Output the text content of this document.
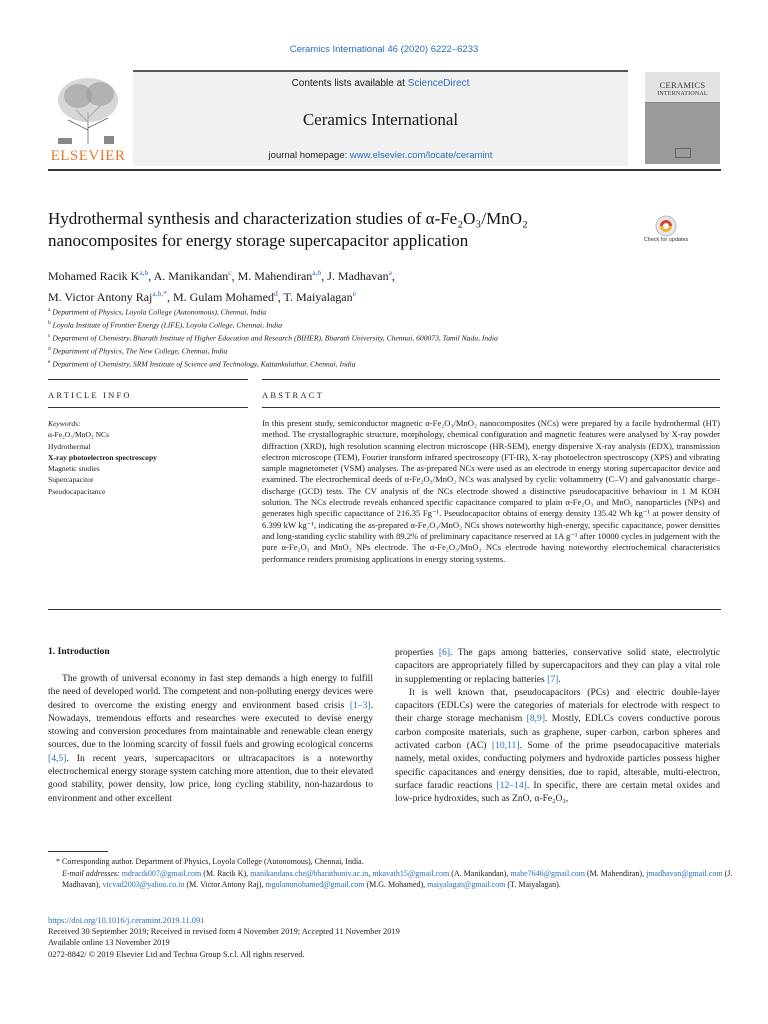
Ceramics International 46 (2020) 6222–6233
ELSEVIER
Contents lists available at ScienceDirect
Ceramics International
journal homepage: www.elsevier.com/locate/ceramint
CERAMICS
INTERNATIONAL
Hydrothermal synthesis and characterization studies of α-Fe₂O₃/MnO₂
nanocomposites for energy storage supercapacitor application	Check for updates
Mohamed Racik K$^{a,b}$, A. Manikandan$^c$, M. Mahendiran$^{a,b}$, J. Madhavan$^a$,
M. Victor Antony Raj$^{a,b,*}$, M. Gulam Mohamed$^d$, T. Maiyalagan$^e$
$^a$ Department of Physics, Loyola College (Autonomous), Chennai, India
$^b$ Loyola Institute of Frontier Energy (LIFE), Loyola College, Chennai, India
$^c$ Department of Chemistry, Bharath Institute of Higher Education and Research (BIHER), Bharath University, Chennai, 600073, Tamil Nadu, India
$^d$ Department of Physics, The New College, Chennai, India
$^e$ Department of Chemistry, SRM Institute of Science and Technology, Kattankulathur, Chennai, India
ARTICLE INFO	ABSTRACT
Keywords:
α-Fe₂O₃/MnO₂ NCs
Hydrothermal
X-ray photoelectron spectroscopy
Magnetic studies
Supercapacitor
Pseudocapacitance
In this present study, semiconductor magnetic α-Fe₂O₃/MnO₂ nanocomposites (NCs) were prepared by a facile hydrothermal (HT) method. The crystallographic structure, morphology, chemical configuration and magnetic features were analysed by X-ray powder diffraction (XRD), high resolution scanning electron microscope (HR-SEM), energy dispersive X-ray analysis (EDX), transmission electron microscope (TEM), Fourier transform infrared spectroscopy (FT-IR), X-ray photoelectron spectroscopy (XPS) and vibrating sample magnetometer (VSM) analyses. The as-prepared NCs were used as an electrode in energy storing supercapacitor device and examined. The electrochemical deeds of α-Fe₂O₃/MnO₂ NCs was analysed by cyclic voltammetry (C–V) and galvanostatic charge–discharge (GCD) tests. The CV analysis of the NCs electrode showed a distinctive pseudocapacitive behaviour in 1 M KOH solution. The NCs electrode reveals enhanced specific capacitance compared to plain α-Fe₂O₃ and MnO₂ nanoparticles (NPs) and generates high specific capacitance of 216.35 Fg⁻¹. Pseudocapacitor obtains of energy density 135.42 Wh kg⁻¹ at power density of 6.399 kW kg⁻¹, indicating the as-prepared α-Fe₂O₃/MnO₂ NCs shows noteworthy high-energy, specific capacitance, power densities and long-standing cyclic stability with 89.2% of preliminary capacitance reserved at 1A g⁻¹ after 10000 cycles in judgement with the pure α-Fe₂O₃ and MnO₂ NPs electrode. The α-Fe₂O₃/MnO₂ NCs electrode having noteworthy electrochemical characteristics performance renders promising applications in energy storing systems.
1. Introduction

The growth of universal economy in fast step demands a high energy to fulfill the need of developed world. The competent and non-polluting energy devices were desired to overcome the existing energy and environment based crisis [1–3]. Nowadays, tremendous efforts and researches were executed to devise energy stowing and conversion procedures from maintainable and renewable clean energy sources, due to the looming scarcity of fossil fuels and growing ecological concerns [4,5]. In recent years, supercapacitors or ultracapacitors is a noteworthy electrochemical energy storage system catching more attention, due to their elevated good stability, power density, low price, long cycling stability, non-hazardous to environment and other excellent

properties [6]. The gaps among batteries, conservative solid state, electrolytic capacitors are appropriately filled by supercapacitors and they can play a vital role in supplementing or replacing batteries [7].

It is well known that, pseudocapacitors (PCs) and electric double-layer capacitors (EDLCs) were the categories of materials for electrode with respect to their charge storage mechanism [8,9]. Mostly, EDLCs covers conductive porous carbon composite materials, such as graphene, super carbon, carbon spheres and activated carbon (AC) [10,11]. Some of the prime pseudocapacitive materials namely, metal oxides, conducting polymers and hydroxide particles possess higher specific capacitances and energy densities, due to rapid, alterable, multi-electron, surface faradic reactions [12–14]. In specific, there are certain metal oxides and low-price hydroxides, such as ZnO, α-Fe₂O₃,

* Corresponding author. Department of Physics, Loyola College (Autonomous), Chennai, India.
E-mail addresses: mdracik007@gmail.com (M. Racik K), manikandana.che@bharathuniv.ac.in, mkavath15@gmail.com (A. Manikandan), mahe7646@gmail.com (M. Mahendiran), jmadhavan@gmail.com (J. Madhavan), vicvad2003@yahoo.co.in (M. Victor Antony Raj), mgulammohamed@gmail.com (M.G. Mohamed), maiyalagan@gmail.com (T. Maiyalagan).
https://doi.org/10.1016/j.ceramint.2019.11.091
Received 30 September 2019; Received in revised form 4 November 2019; Accepted 11 November 2019
Available online 13 November 2019
0272-8842/ © 2019 Elsevier Ltd and Techna Group S.r.l. All rights reserved.
